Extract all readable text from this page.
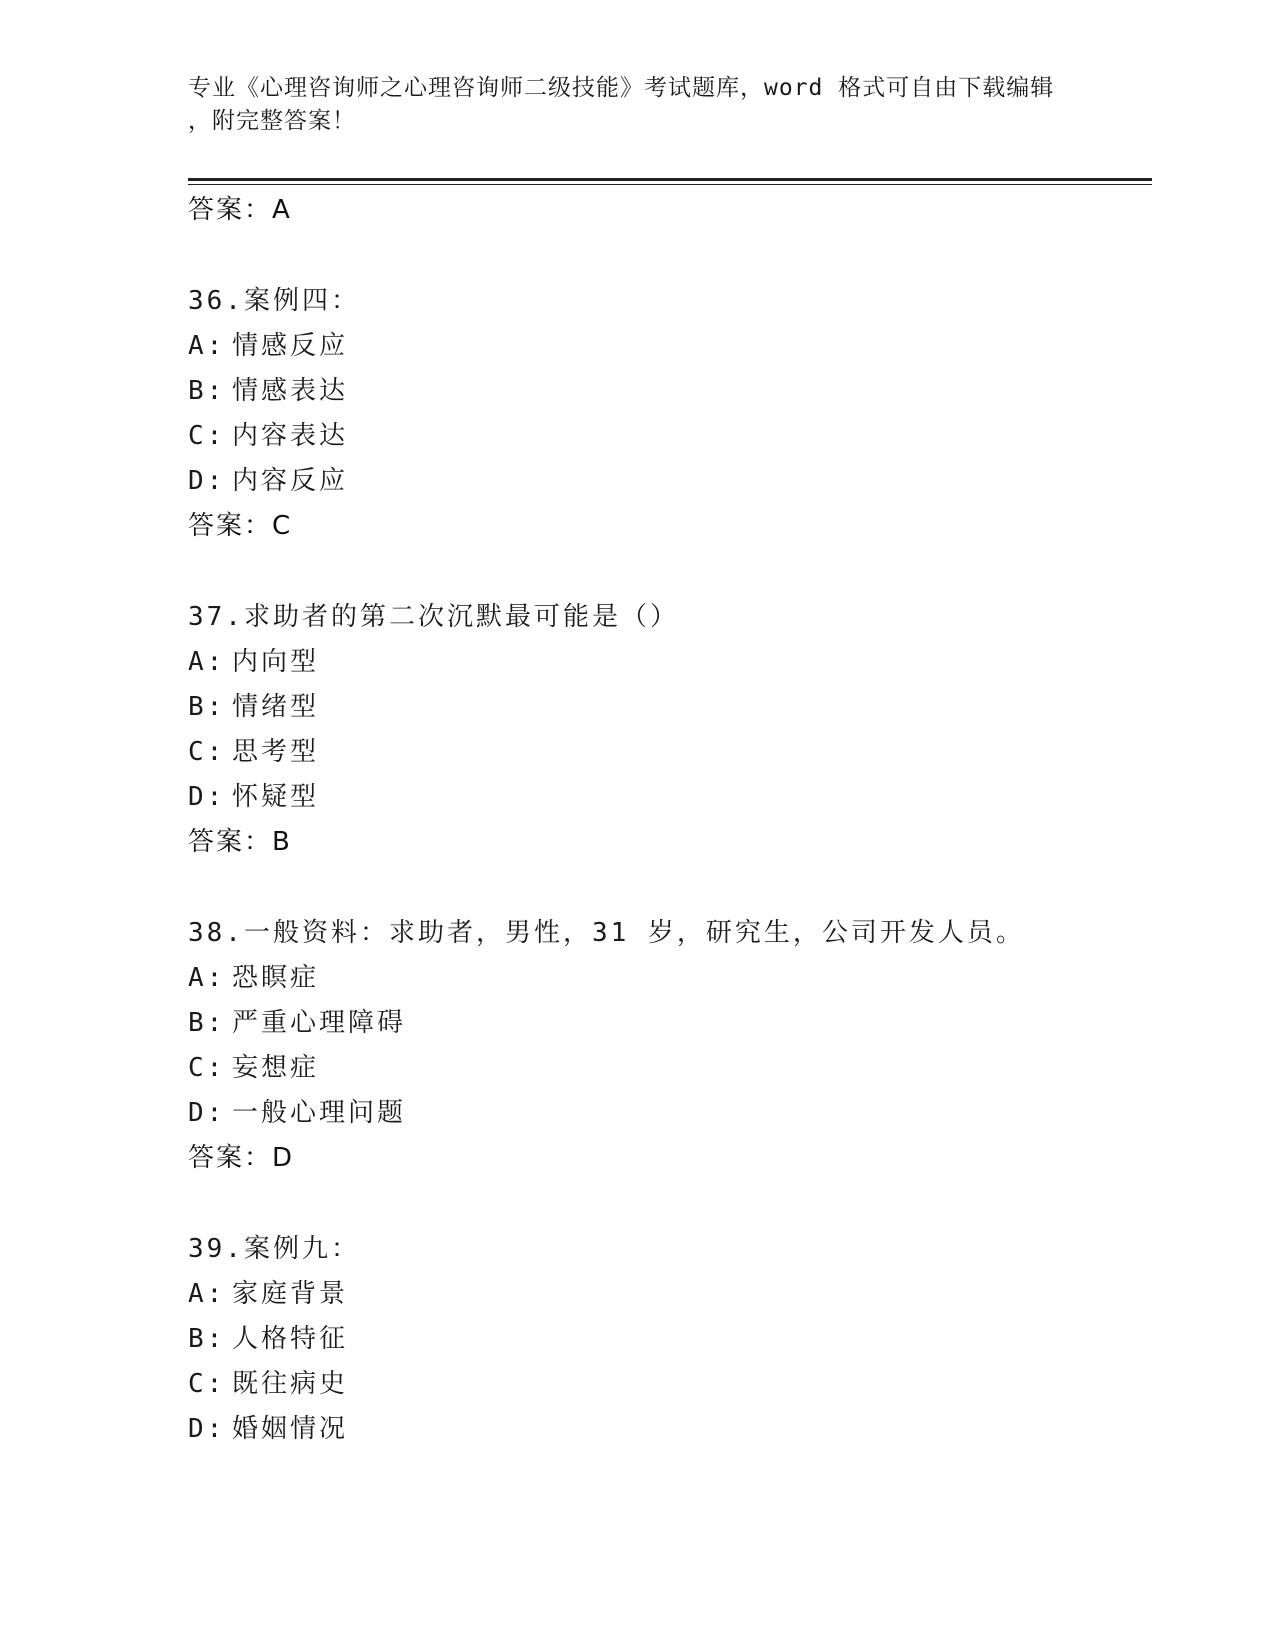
专业《心理咨询师之心理咨询师二级技能》考试题库，word 格式可自由下载编辑
，附完整答案！
答案：A
36.案例四：
A: 情感反应
B: 情感表达
C: 内容表达
D: 内容反应
答案：C
37.求助者的第二次沉默最可能是（）
A: 内向型
B: 情绪型
C: 思考型
D: 怀疑型
答案：B
38.一般资料：求助者，男性，31 岁，研究生，公司开发人员。
A: 恐瞑症
B: 严重心理障碍
C: 妄想症
D: 一般心理问题
答案：D
39.案例九：
A: 家庭背景
B: 人格特征
C: 既往病史
D: 婚姻情况
